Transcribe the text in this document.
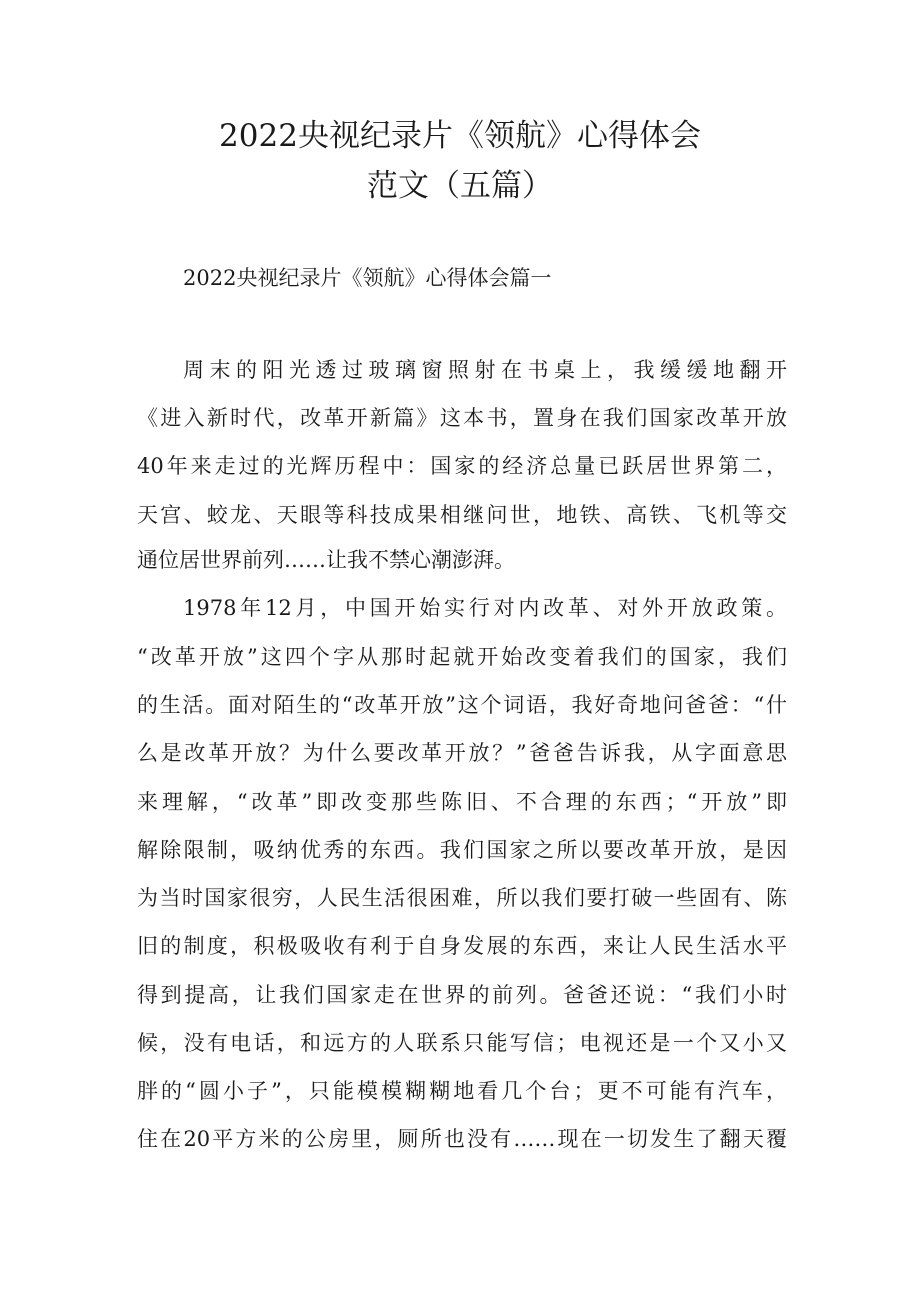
2022央视纪录片《领航》心得体会
范文（五篇）
2022央视纪录片《领航》心得体会篇一
周末的阳光透过玻璃窗照射在书桌上，我缓缓地翻开
《进入新时代，改革开新篇》这本书，置身在我们国家改革开放
40年来走过的光辉历程中：国家的经济总量已跃居世界第二，
天宫、蛟龙、天眼等科技成果相继问世，地铁、高铁、飞机等交
通位居世界前列……让我不禁心潮澎湃。
1978年12月，中国开始实行对内改革、对外开放政策。
“改革开放”这四个字从那时起就开始改变着我们的国家，我们
的生活。面对陌生的“改革开放”这个词语，我好奇地问爸爸：“什
么是改革开放？为什么要改革开放？”爸爸告诉我，从字面意思
来理解，“改革”即改变那些陈旧、不合理的东西；“开放”即
解除限制，吸纳优秀的东西。我们国家之所以要改革开放，是因
为当时国家很穷，人民生活很困难，所以我们要打破一些固有、陈
旧的制度，积极吸收有利于自身发展的东西，来让人民生活水平
得到提高，让我们国家走在世界的前列。爸爸还说：“我们小时
候，没有电话，和远方的人联系只能写信；电视还是一个又小又
胖的“圆小子”，只能模模糊糊地看几个台；更不可能有汽车，
住在20平方米的公房里，厕所也没有……现在一切发生了翻天覆
